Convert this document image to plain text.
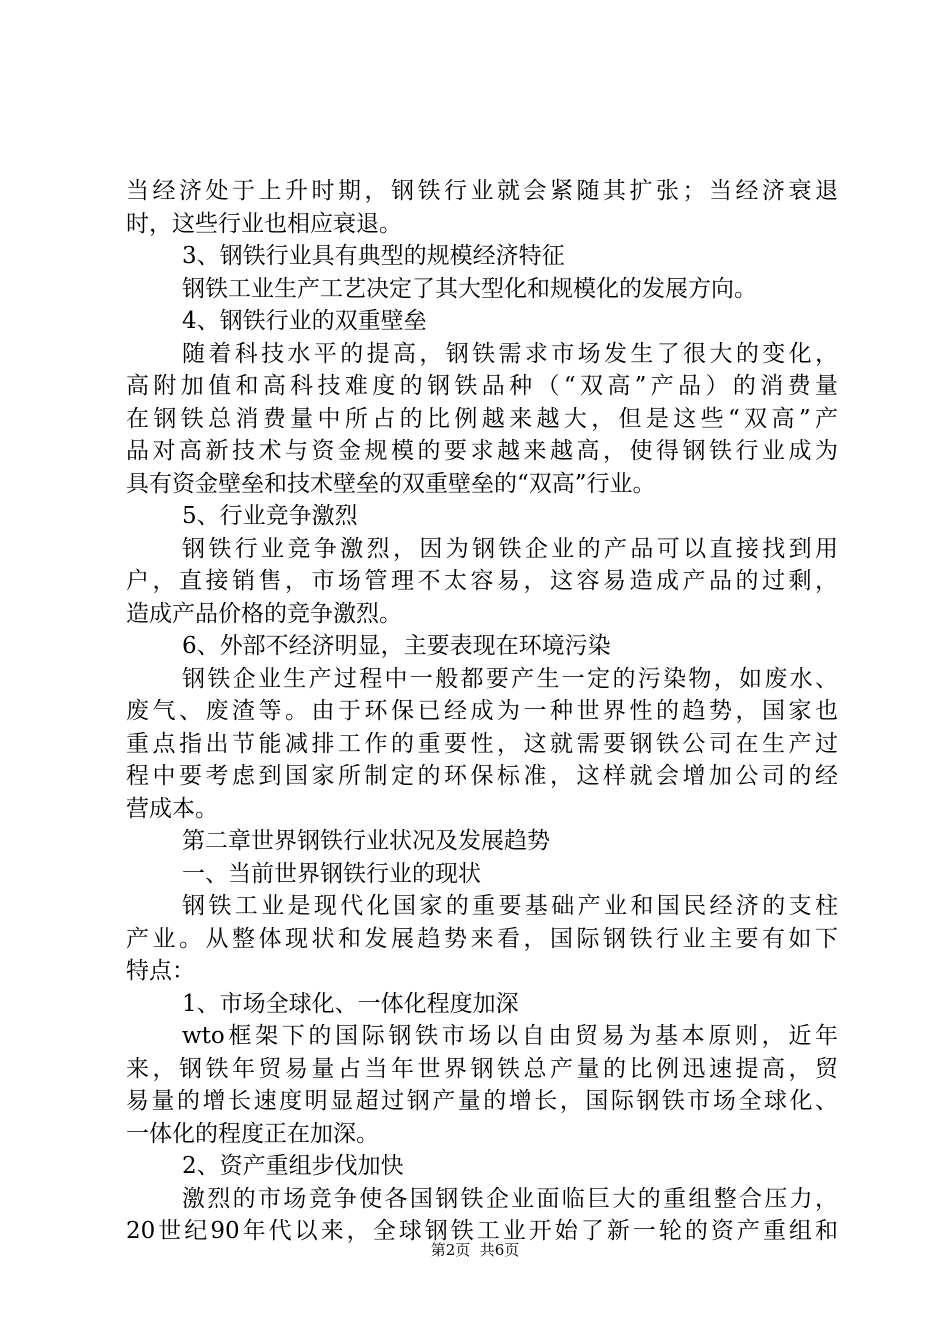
当经济处于上升时期，钢铁行业就会紧随其扩张；当经济衰退
时，这些行业也相应衰退。
3、钢铁行业具有典型的规模经济特征
钢铁工业生产工艺决定了其大型化和规模化的发展方向。
4、钢铁行业的双重壁垒
随着科技水平的提高，钢铁需求市场发生了很大的变化，
高附加值和高科技难度的钢铁品种（“双高”产品）的消费量
在钢铁总消费量中所占的比例越来越大，但是这些“双高”产
品对高新技术与资金规模的要求越来越高，使得钢铁行业成为
具有资金壁垒和技术壁垒的双重壁垒的“双高”行业。
5、行业竞争激烈
钢铁行业竞争激烈，因为钢铁企业的产品可以直接找到用
户，直接销售，市场管理不太容易，这容易造成产品的过剩，
造成产品价格的竞争激烈。
6、外部不经济明显，主要表现在环境污染
钢铁企业生产过程中一般都要产生一定的污染物，如废水、
废气、废渣等。由于环保已经成为一种世界性的趋势，国家也
重点指出节能减排工作的重要性，这就需要钢铁公司在生产过
程中要考虑到国家所制定的环保标准，这样就会增加公司的经
营成本。
第二章世界钢铁行业状况及发展趋势
一、当前世界钢铁行业的现状
钢铁工业是现代化国家的重要基础产业和国民经济的支柱
产业。从整体现状和发展趋势来看，国际钢铁行业主要有如下
特点：
1、市场全球化、一体化程度加深
wto框架下的国际钢铁市场以自由贸易为基本原则，近年
来，钢铁年贸易量占当年世界钢铁总产量的比例迅速提高，贸
易量的增长速度明显超过钢产量的增长，国际钢铁市场全球化、
一体化的程度正在加深。
2、资产重组步伐加快
激烈的市场竞争使各国钢铁企业面临巨大的重组整合压力，
20世纪90年代以来，全球钢铁工业开始了新一轮的资产重组和
第2页  共6页
